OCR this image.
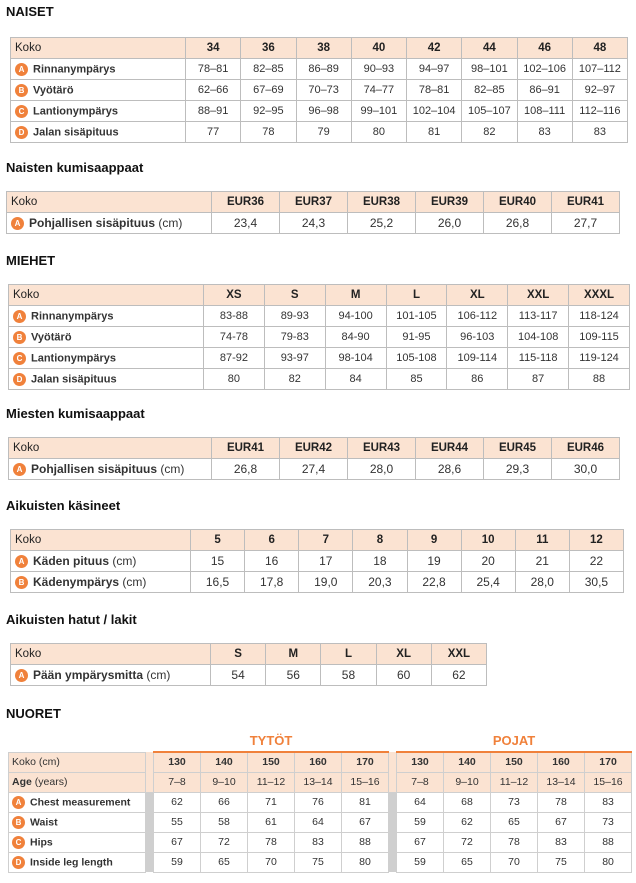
NAISET
Koko	34	36	38	40	42	44	46	48
A Rinnanympärys	78–81	82–85	86–89	90–93	94–97	98–101	102–106	107–112
B Vyötärö	62–66	67–69	70–73	74–77	78–81	82–85	86–91	92–97
C Lantionympärys	88–91	92–95	96–98	99–101	102–104	105–107	108–111	112–116
D Jalan sisäpituus	77	78	79	80	81	82	83	83
Naisten kumisaappaat
Koko	EUR36	EUR37	EUR38	EUR39	EUR40	EUR41
A Pohjallisen sisäpituus (cm)	23,4	24,3	25,2	26,0	26,8	27,7
MIEHET
Koko	XS	S	M	L	XL	XXL	XXXL
A Rinnanympärys	83-88	89-93	94-100	101-105	106-112	113-117	118-124
B Vyötärö	74-78	79-83	84-90	91-95	96-103	104-108	109-115
C Lantionympärys	87-92	93-97	98-104	105-108	109-114	115-118	119-124
D Jalan sisäpituus	80	82	84	85	86	87	88
Miesten kumisaappaat
Koko	EUR41	EUR42	EUR43	EUR44	EUR45	EUR46
A Pohjallisen sisäpituus (cm)	26,8	27,4	28,0	28,6	29,3	30,0
Aikuisten käsineet
Koko	5	6	7	8	9	10	11	12
A Käden pituus (cm)	15	16	17	18	19	20	21	22
B Kädenympärys (cm)	16,5	17,8	19,0	20,3	22,8	25,4	28,0	30,5
Aikuisten hatut / lakit
Koko	S	M	L	XL	XXL
A Pään ympärysmitta (cm)	54	56	58	60	62
NUORET
		TYTÖT						POJAT				
Koko (cm)		130	140	150	160	170		130	140	150	160	170
Age (years)		7–8	9–10	11–12	13–14	15–16		7–8	9–10	11–12	13–14	15–16
A Chest measurement		62	66	71	76	81		64	68	73	78	83
B Waist		55	58	61	64	67		59	62	65	67	73
C Hips		67	72	78	83	88		67	72	78	83	88
D Inside leg length		59	65	70	75	80		59	65	70	75	80
